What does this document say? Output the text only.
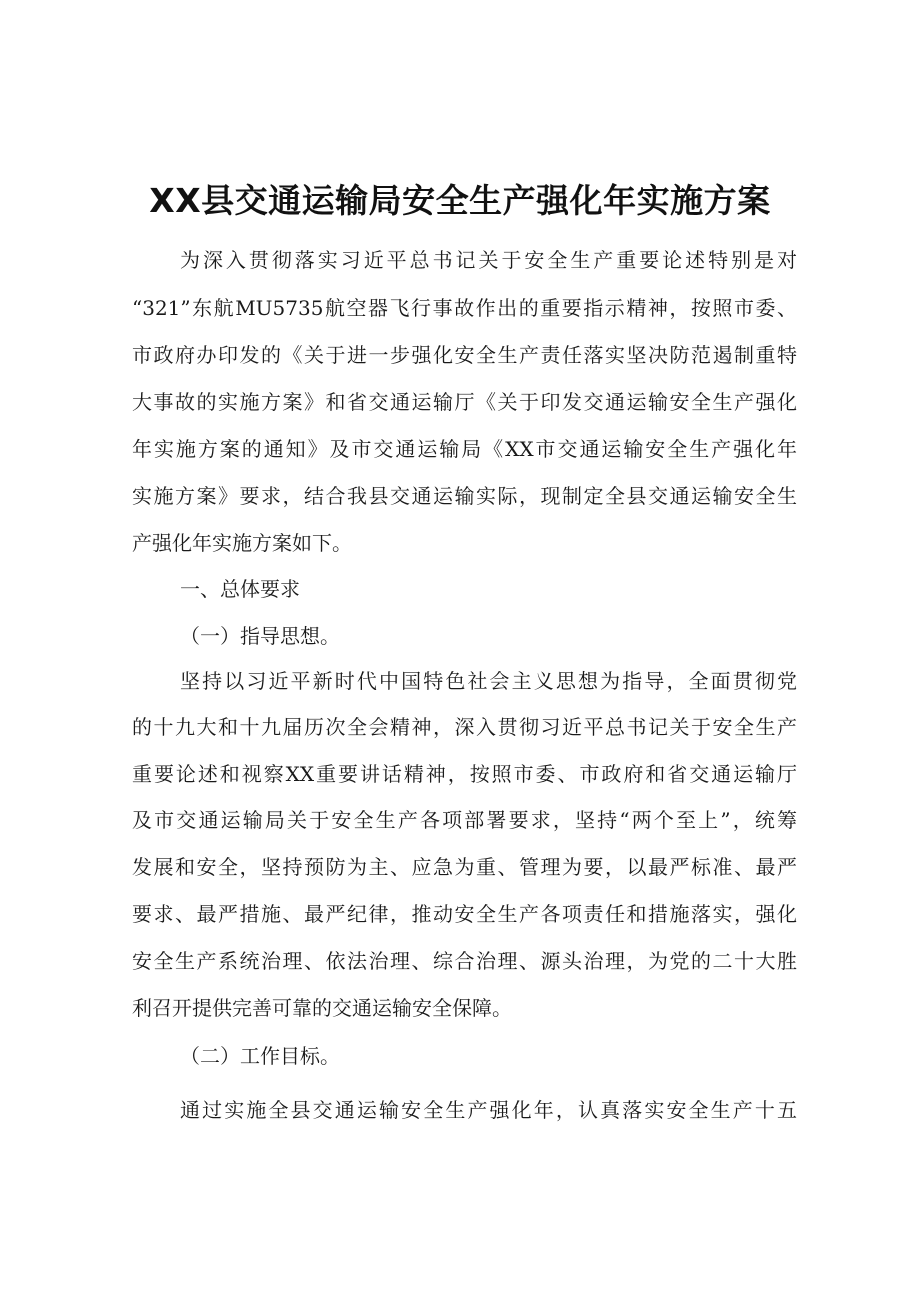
XX县交通运输局安全生产强化年实施方案
为深入贯彻落实习近平总书记关于安全生产重要论述特别是对
“321”东航MU5735航空器飞行事故作出的重要指示精神，按照市委、
市政府办印发的《关于进一步强化安全生产责任落实坚决防范遏制重特
大事故的实施方案》和省交通运输厅《关于印发交通运输安全生产强化
年实施方案的通知》及市交通运输局《XX市交通运输安全生产强化年
实施方案》要求，结合我县交通运输实际，现制定全县交通运输安全生
产强化年实施方案如下。
一、总体要求
（一）指导思想。
坚持以习近平新时代中国特色社会主义思想为指导，全面贯彻党
的十九大和十九届历次全会精神，深入贯彻习近平总书记关于安全生产
重要论述和视察XX重要讲话精神，按照市委、市政府和省交通运输厅
及市交通运输局关于安全生产各项部署要求，坚持“两个至上”，统筹
发展和安全，坚持预防为主、应急为重、管理为要，以最严标准、最严
要求、最严措施、最严纪律，推动安全生产各项责任和措施落实，强化
安全生产系统治理、依法治理、综合治理、源头治理，为党的二十大胜
利召开提供完善可靠的交通运输安全保障。
（二）工作目标。
通过实施全县交通运输安全生产强化年，认真落实安全生产十五
